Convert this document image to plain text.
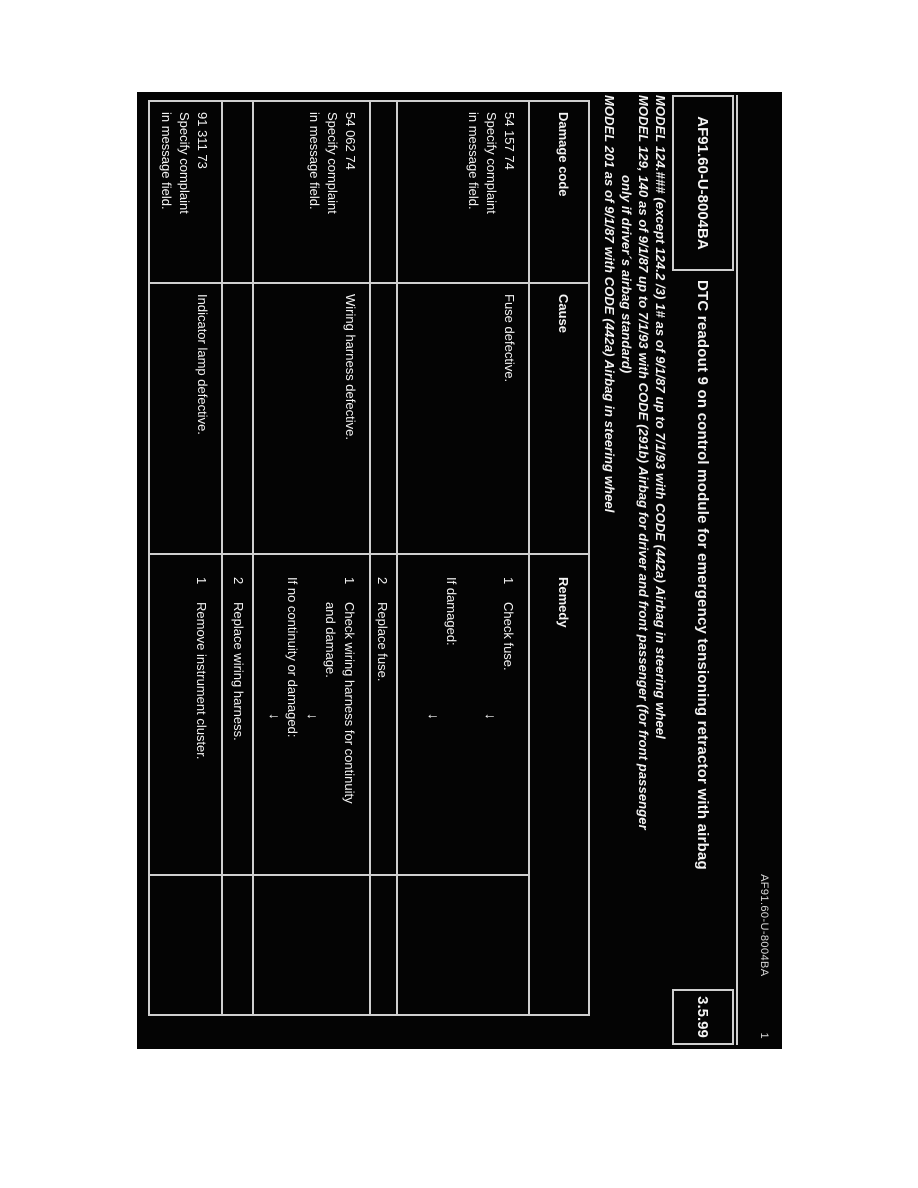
AF91.60-U-8004BA
1
AF91.60-U-8004BA
DTC readout 9 on control module for emergency tensioning retractor with airbag
3.5.99
MODEL 124.### (except 124.2 /3) 1# as of 9/1/87 up to 7/1/93 with CODE (442a) Airbag in steering wheel
MODEL 129, 140 as of 9/1/87 up to 7/1/93 with CODE (291b) Airbag for driver and front passenger (for front passenger
only if driver´s airbag standard)
MODEL 201 as of 9/1/87 with CODE (442a) Airbag in steering wheel
Damage code
Cause
Remedy
54 157 74
Specify complaint
in message field.
Fuse defective.
1Check fuse.
↓
If damaged:
↓
2Replace fuse.
54 062 74
Specify complaint
in message field.
Wiring harness defective.
1Check wiring harness for continuity
and damage.
↓
If no continuity or damaged:
↓
2Replace wiring harness.
91 311 73
Specify complaint
in message field.
Indicator lamp defective.
1Remove instrument cluster.
